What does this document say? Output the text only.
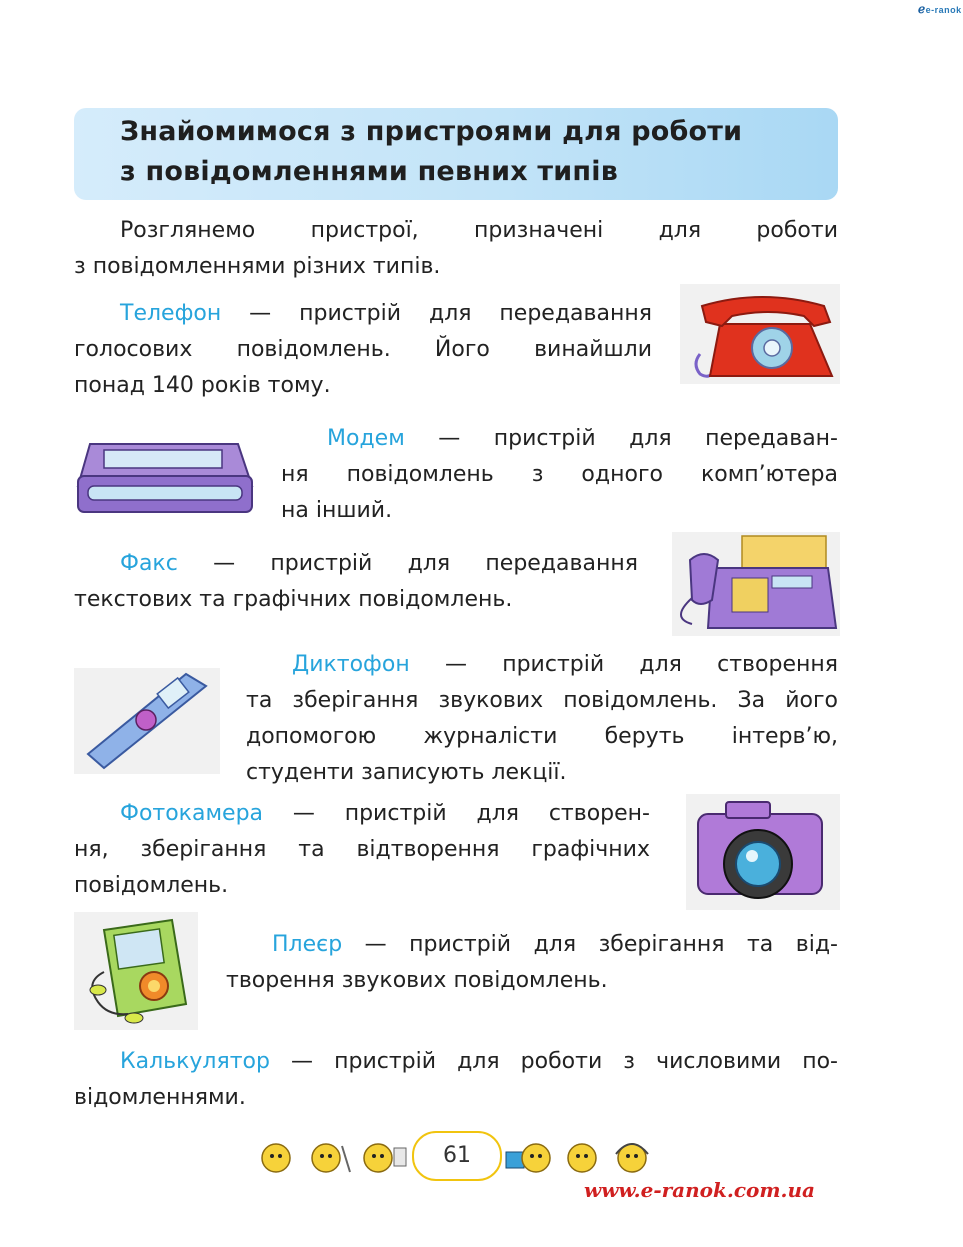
ℯe-ranok
Знайомимося з пристроями для роботи
з повідомленнями певних типів
Розглянемо пристрої, призначені для роботи
з повідомленнями різних типів.
Телефон — пристрій для передавання
голосових повідомлень. Його винайшли
понад 140 років тому.
Модем — пристрій для передаван-
ня повідомлень з одного комп’ютера
на інший.
Факс — пристрій для передавання
текстових та графічних повідомлень.
Диктофон — пристрій для створення
та зберігання звукових повідомлень. За його
допомогою журналісти беруть інтерв’ю,
студенти записують лекції.
Фотокамера — пристрій для створен-
ня, зберігання та відтворення графічних
повідомлень.
Плеєр — пристрій для зберігання та від-
творення звукових повідомлень.
Калькулятор — пристрій для роботи з числовими по-
відомленнями.
61
www.e-ranok.com.ua
